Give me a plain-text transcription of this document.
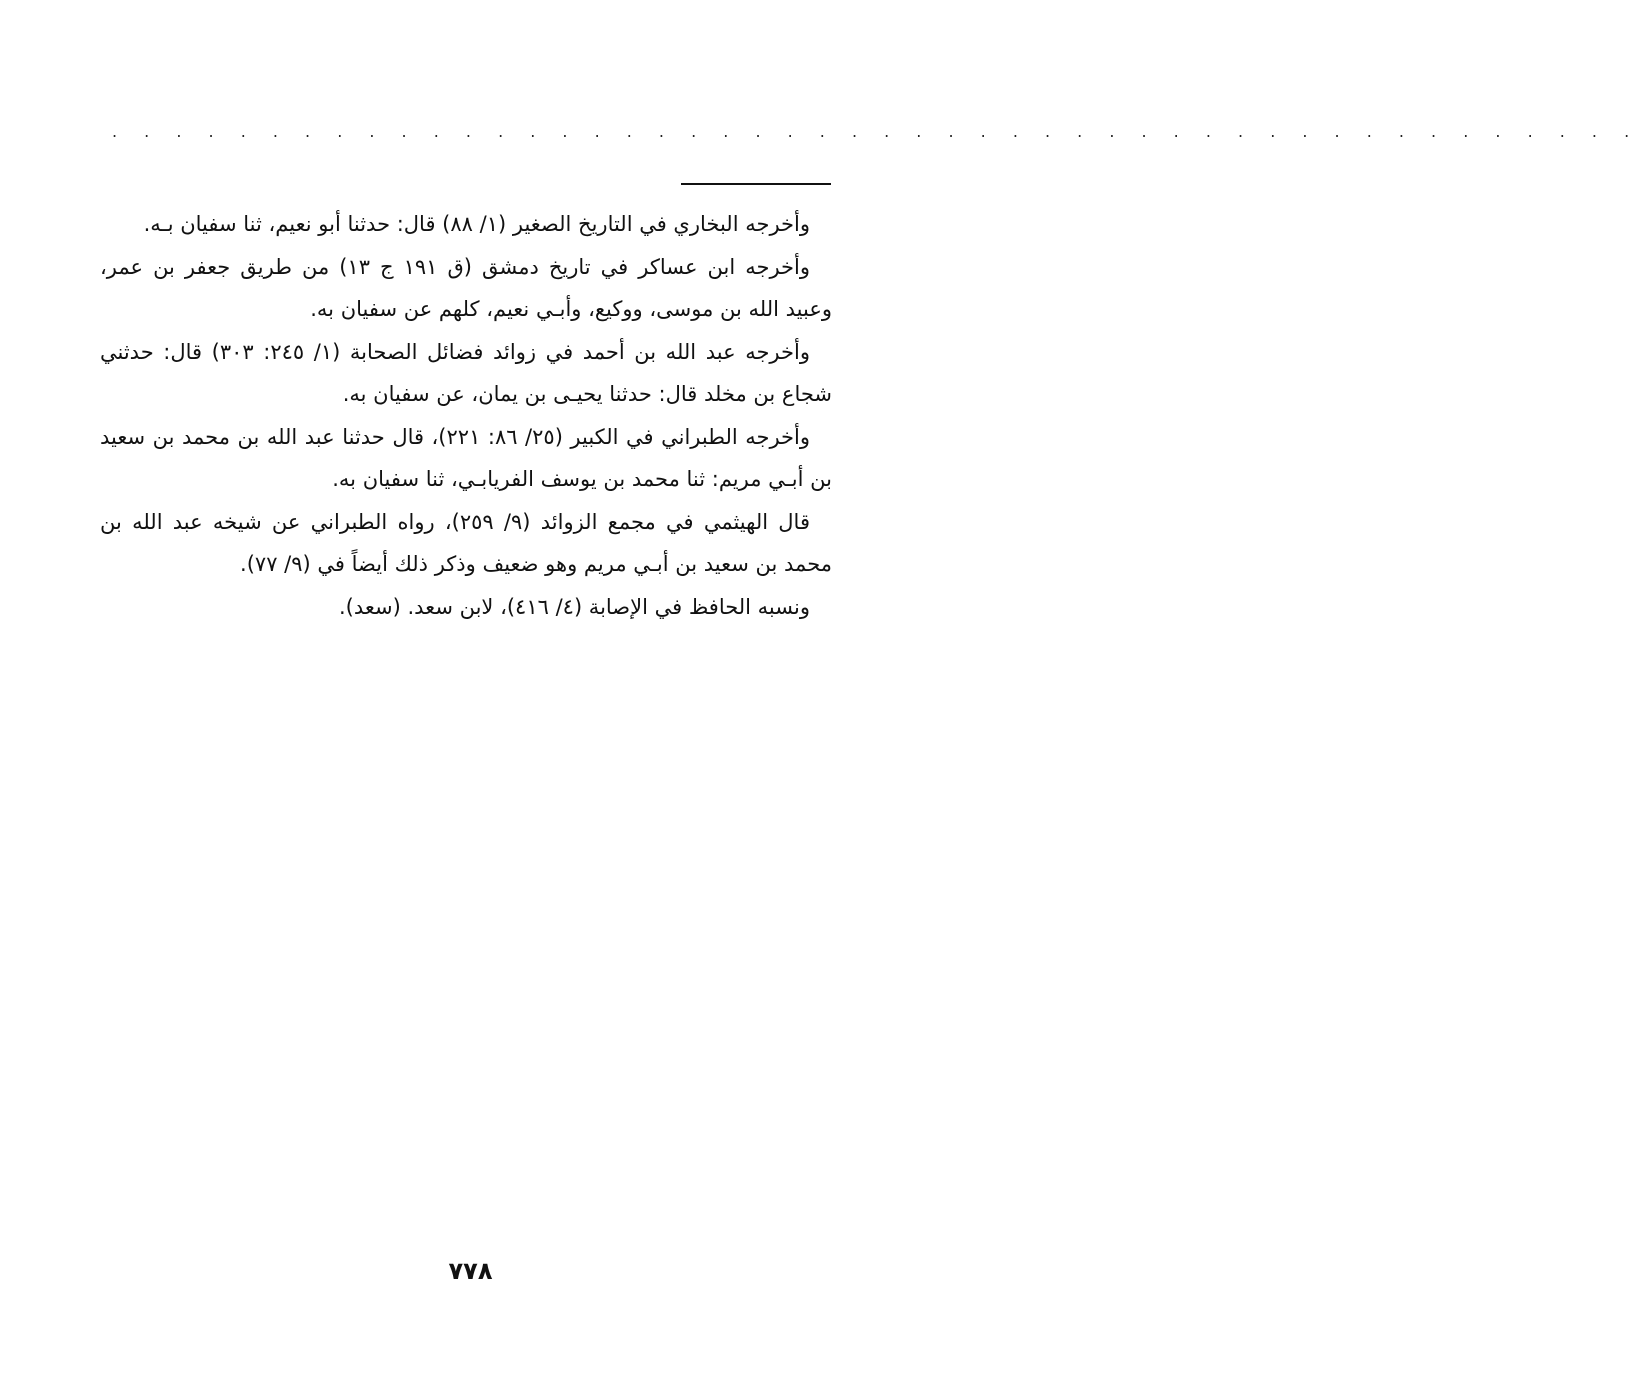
. . . . . . . . . . . . . . . . . . . . . . . . . . . . . . . . . . . . . . . . . . . . . . . .

وأخرجه البخاري في التاريخ الصغير (١/ ٨٨) قال: حدثنا أبو نعيم، ثنا سفيان بـه.

وأخرجه ابن عساكر في تاريخ دمشق (ق ١٩١ ج ١٣) من طريق جعفر بن عمر، وعبيد الله بن موسى، ووكيع، وأبـي نعيم، كلهم عن سفيان به.

وأخرجه عبد الله بن أحمد في زوائد فضائل الصحابة (١/ ٢٤٥: ٣٠٣) قال: حدثني شجاع بن مخلد قال: حدثنا يحيـى بن يمان، عن سفيان به.

وأخرجه الطبراني في الكبير (٢٥/ ٨٦: ٢٢١)، قال حدثنا عبد الله بن محمد بن سعيد بن أبـي مريم: ثنا محمد بن يوسف الفريابـي، ثنا سفيان به.

قال الهيثمي في مجمع الزوائد (٩/ ٢٥٩)، رواه الطبراني عن شيخه عبد الله بن محمد بن سعيد بن أبـي مريم وهو ضعيف وذكر ذلك أيضاً في (٩/ ٧٧).

ونسبه الحافظ في الإصابة (٤/ ٤١٦)، لابن سعد. (سعد).

٧٧٨
